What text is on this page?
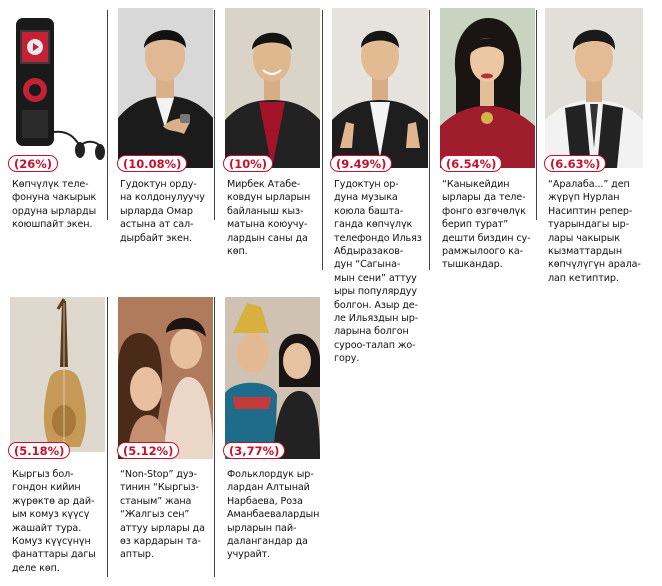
(26%)
Көпчүлүк теле-
фонуна чакырык
ордуна ырларды
коюшпайт экен.
(10.08%)
Гудоктун орду-
на колдонулуучу
ырларда Омар
астына ат сал-
дырбайт экен.
(10%)
Мирбек Атабе-
ковдун ырларын
байланыш кыз-
матына коюучу-
лардын саны да
көп.
(9.49%)
Гудоктун ор-
дуна музыка
коюла башта-
ганда көпчүлүк
телефондо Ильяз
Абдыразаков-
дун “Сагына-
мын сени” аттуу
ыры популярдуу
болгон. Азыр де-
ле Ильяздын ыр-
ларына болгон
суроо-талап жо-
гору.
(6.54%)
“Каныкейдин
ырлары да теле-
фонго өзгөчөлүк
берип турат”
дешти биздин су-
рамжылоого ка-
тышкандар.
(6.63%)
“Аралаба...” деп
жүрүп Нурлан
Насиптин репер-
туарындагы ыр-
лары чакырык
кызматтардын
көпчүлүгүн арала-
лап кетиптир.
(5.18%)
Кыргыз бол-
гондон кийин
жүрөктө ар дай-
ым комуз күүсү
жашайт тура.
Комуз күүсүнүн
фанаттары дагы
деле көп.
(5.12%)
“Non-Stop” дуэ-
тинин “Кыргыз-
станым” жана
“Жалгыз сен”
аттуу ырлары да
өз кардарын та-
аптыр.
(3,77%)
Фольклордук ыр-
лардан Алтынай
Нарбаева, Роза
Аманбаевалардын
ырларын пай-
далангандар да
учурайт.
